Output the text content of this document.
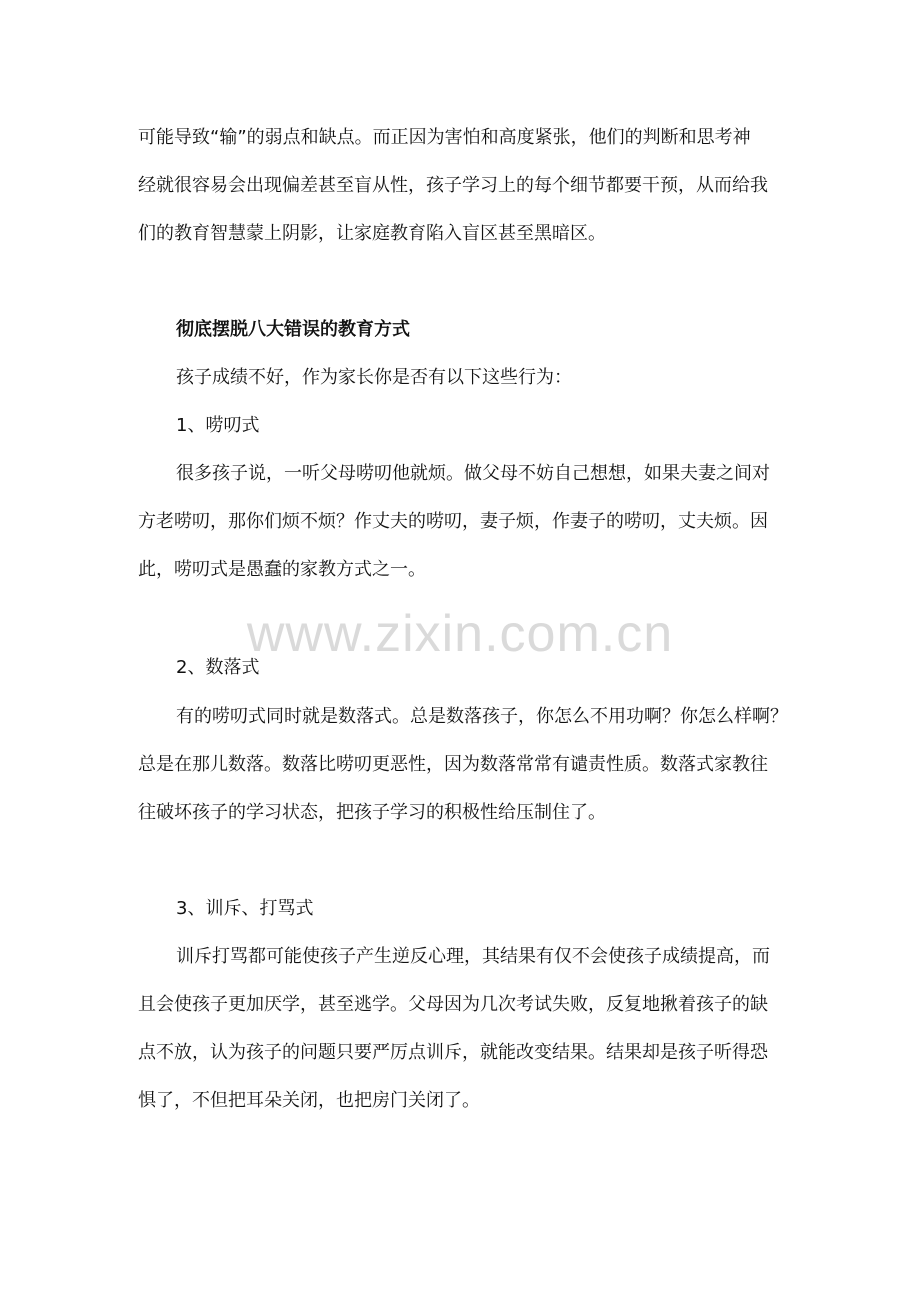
可能导致“输”的弱点和缺点。而正因为害怕和高度紧张，他们的判断和思考神
经就很容易会出现偏差甚至盲从性，孩子学习上的每个细节都要干预，从而给我
们的教育智慧蒙上阴影，让家庭教育陷入盲区甚至黑暗区。
彻底摆脱八大错误的教育方式
孩子成绩不好，作为家长你是否有以下这些行为：
1、唠叨式
很多孩子说，一听父母唠叨他就烦。做父母不妨自己想想，如果夫妻之间对
方老唠叨，那你们烦不烦？作丈夫的唠叨，妻子烦，作妻子的唠叨，丈夫烦。因
此，唠叨式是愚蠢的家教方式之一。
www.zixin.com.cn
2、数落式
有的唠叨式同时就是数落式。总是数落孩子，你怎么不用功啊？你怎么样啊？
总是在那儿数落。数落比唠叨更恶性，因为数落常常有谴责性质。数落式家教往
往破坏孩子的学习状态，把孩子学习的积极性给压制住了。
3、训斥、打骂式
训斥打骂都可能使孩子产生逆反心理，其结果有仅不会使孩子成绩提高，而
且会使孩子更加厌学，甚至逃学。父母因为几次考试失败，反复地揪着孩子的缺
点不放，认为孩子的问题只要严厉点训斥，就能改变结果。结果却是孩子听得恐
惧了，不但把耳朵关闭，也把房门关闭了。
